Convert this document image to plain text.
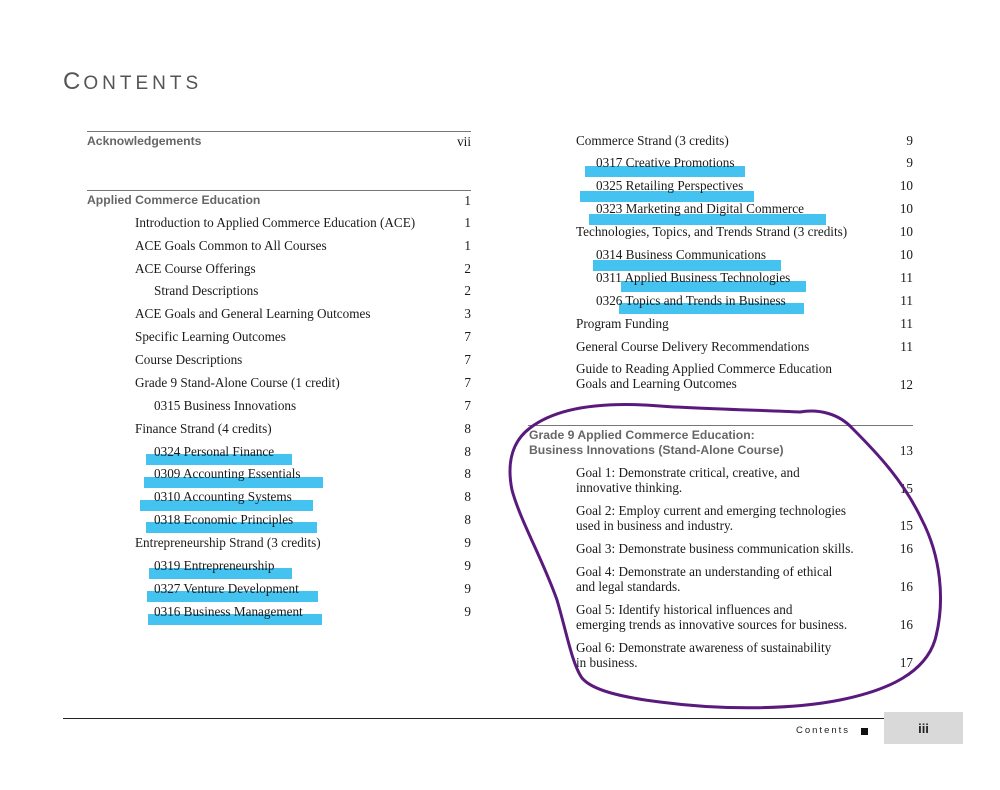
CONTENTS
Acknowledgements	vii
Applied Commerce Education	1
Introduction to Applied Commerce Education (ACE)	1
ACE Goals Common to All Courses	1
ACE Course Offerings	2
Strand Descriptions	2
ACE Goals and General Learning Outcomes	3
Specific Learning Outcomes	7
Course Descriptions	7
Grade 9 Stand-Alone Course (1 credit)	7
0315 Business Innovations	7
Finance Strand (4 credits)	8
0324 Personal Finance	8
0309 Accounting Essentials	8
0310 Accounting Systems	8
0318 Economic Principles	8
Entrepreneurship Strand (3 credits)	9
0319 Entrepreneurship	9
0327 Venture Development	9
0316 Business Management	9
Commerce Strand (3 credits)	9
0317 Creative Promotions	9
0325 Retailing Perspectives	10
0323 Marketing and Digital Commerce	10
Technologies, Topics, and Trends Strand (3 credits)	10
0314 Business Communications	10
0311 Applied Business Technologies	11
0326 Topics and Trends in Business	11
Program Funding	11
General Course Delivery Recommendations	11
Guide to Reading Applied Commerce Education
Goals and Learning Outcomes	12
Grade 9 Applied Commerce Education:
Business Innovations (Stand-Alone Course)	13
Goal 1: Demonstrate critical, creative, and
innovative thinking.	15
Goal 2: Employ current and emerging technologies
used in business and industry.	15
Goal 3: Demonstrate business communication skills.	16
Goal 4: Demonstrate an understanding of ethical
and legal standards.	16
Goal 5: Identify historical influences and
emerging trends as innovative sources for business.	16
Goal 6: Demonstrate awareness of sustainability
in business.	17
Contents	iii
